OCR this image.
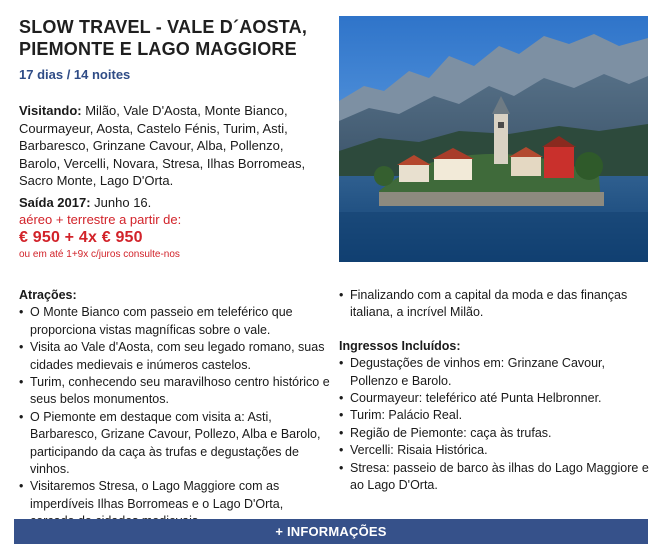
SLOW TRAVEL - VALE D´AOSTA,
PIEMONTE E LAGO MAGGIORE
17 dias / 14 noites
Visitando: Milão, Vale D'Aosta, Monte Bianco, Courmayeur, Aosta, Castelo Fénis, Turim, Asti, Barbaresco, Grinzane Cavour, Alba, Pollenzo, Barolo, Vercelli, Novara, Stresa, Ilhas Borromeas, Sacro Monte, Lago D'Orta.
Saída 2017: Junho 16.
aéreo + terrestre a partir de:
€ 950 + 4x € 950
ou em até 1+9x c/juros consulte-nos
Atrações:
• O Monte Bianco com passeio em teleférico que proporciona vistas magníficas sobre o vale.
• Visita ao Vale d'Aosta, com seu legado romano, suas cidades medievais e inúmeros castelos.
• Turim, conhecendo seu maravilhoso centro histórico e seus belos monumentos.
• O Piemonte em destaque com visita a: Asti, Barbaresco, Grizane Cavour, Pollezo, Alba e Barolo, participando da caça às trufas e degustações de vinhos.
• Visitaremos Stresa, o Lago Maggiore com as imperdíveis Ilhas Borromeas e o Lago D'Orta,
• Finalizando com a capital da moda e das finanças italiana, a incrível Milão.
Ingressos Incluídos:
• Degustações de vinhos em: Grinzane Cavour, Pollenzo e Barolo.
• Courmayeur: teleférico até Punta Helbronner.
• Turim: Palácio Real.
• Região de Piemonte: caça às trufas.
• Vercelli: Risaia Histórica.
• Stresa: passeio de barco às ilhas do Lago Maggiore e ao Lago D'Orta.
+ INFORMAÇÕES
